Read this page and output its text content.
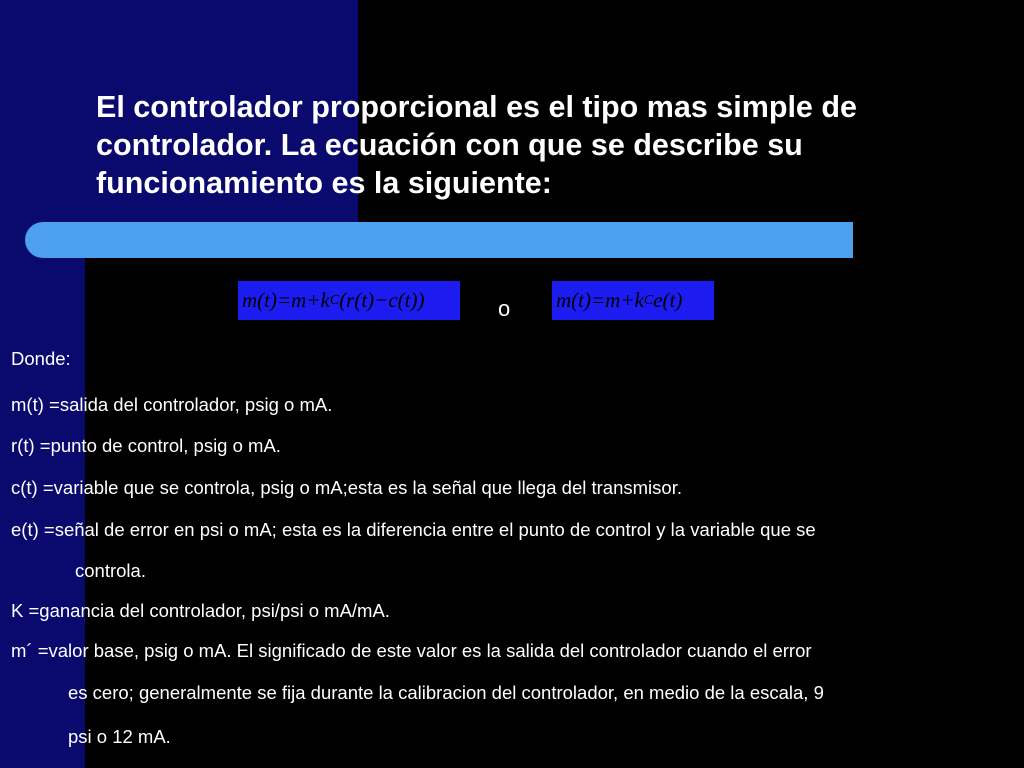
El controlador proporcional es el tipo mas simple de controlador. La ecuación con que se describe su funcionamiento es la siguiente:
m(t) = m + k C (r(t)−c(t))	o m(t) = m + k C e(t)
Donde:
m(t) =salida del controlador, psig o mA.
r(t) =punto de control, psig o mA.
c(t) =variable que se controla, psig o mA;esta es la señal que llega del transmisor.
e(t) =señal de error en psi o mA; esta es la diferencia entre el punto de control y la variable que se
controla.
K =ganancia del controlador, psi/psi o mA/mA.
m´ =valor base, psig o mA. El significado de este valor es la salida del controlador cuando el error
es cero; generalmente se fija durante la calibracion del controlador, en medio de la escala, 9
psi o 12 mA.
